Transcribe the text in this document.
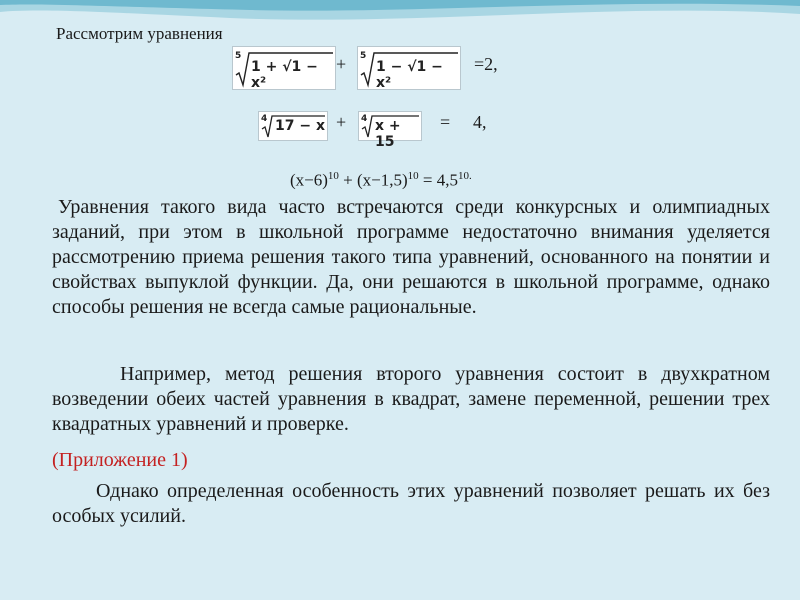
Рассмотрим уравнения
5
1 + √1 − x²
+ 5
1 − √1 − x²
=2,
4 17 − x + 4 x + 15
= 4,
$(x-6)^{10} + (x-1,5)^{10} = 4,5^{10.}$
Уравнения такого вида часто встречаются среди конкурсных и олимпиадных заданий, при этом в школьной программе недостаточно внимания уделяется рассмотрению приема решения такого типа уравнений, основанного на понятии и свойствах выпуклой функции. Да, они решаются в школьной программе, однако способы решения не всегда самые рациональные.
Например, метод решения второго уравнения состоит в двухкратном возведении обеих частей уравнения в квадрат, замене переменной, решении трех квадратных уравнений и проверке.
(Приложение 1)
Однако определенная особенность этих уравнений позволяет решать их без особых усилий.
